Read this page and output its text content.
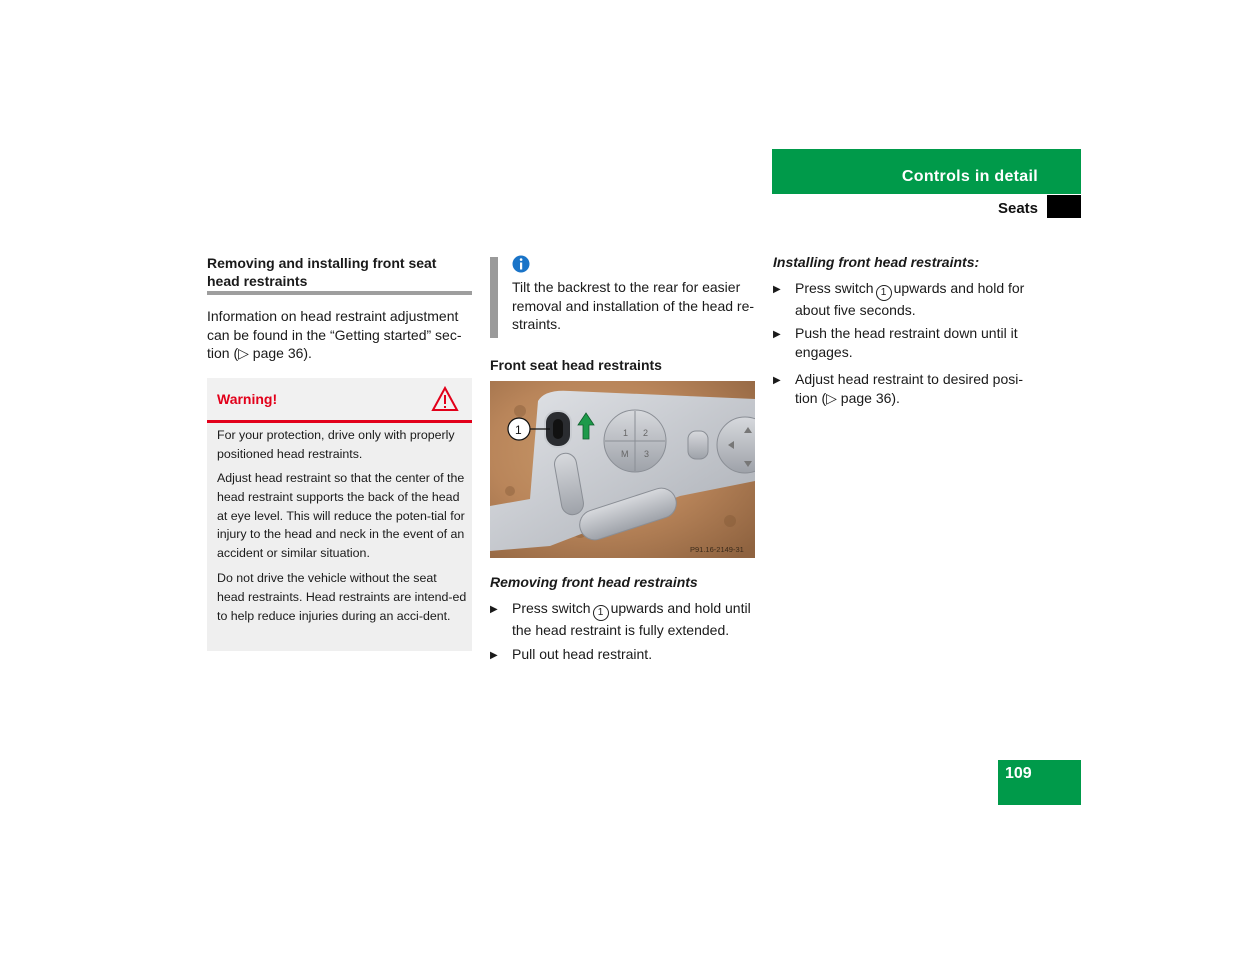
Controls in detail
Seats
Removing and installing front seat head restraints
Information on head restraint adjustment can be found in the “Getting started” sec-tion (▷ page 36).
Warning!
For your protection, drive only with properly positioned head restraints.
Adjust head restraint so that the center of the head restraint supports the back of the head at eye level. This will reduce the poten-tial for injury to the head and neck in the event of an accident or similar situation.
Do not drive the vehicle without the seat head restraints. Head restraints are intend-ed to help reduce injuries during an acci-dent.
Tilt the backrest to the rear for easier removal and installation of the head re-straints.
Front seat head restraints
1 2
M 3
1
P91.16-2149-31
Removing front head restraints
▶ Press switch 1 upwards and hold until
the head restraint is fully extended.
▶ Pull out head restraint.
Installing front head restraints:
▶ Press switch 1 upwards and hold for
about five seconds.
▶ Push the head restraint down until it
engages.
▶ Adjust head restraint to desired posi-
tion (▷ page 36).
109
